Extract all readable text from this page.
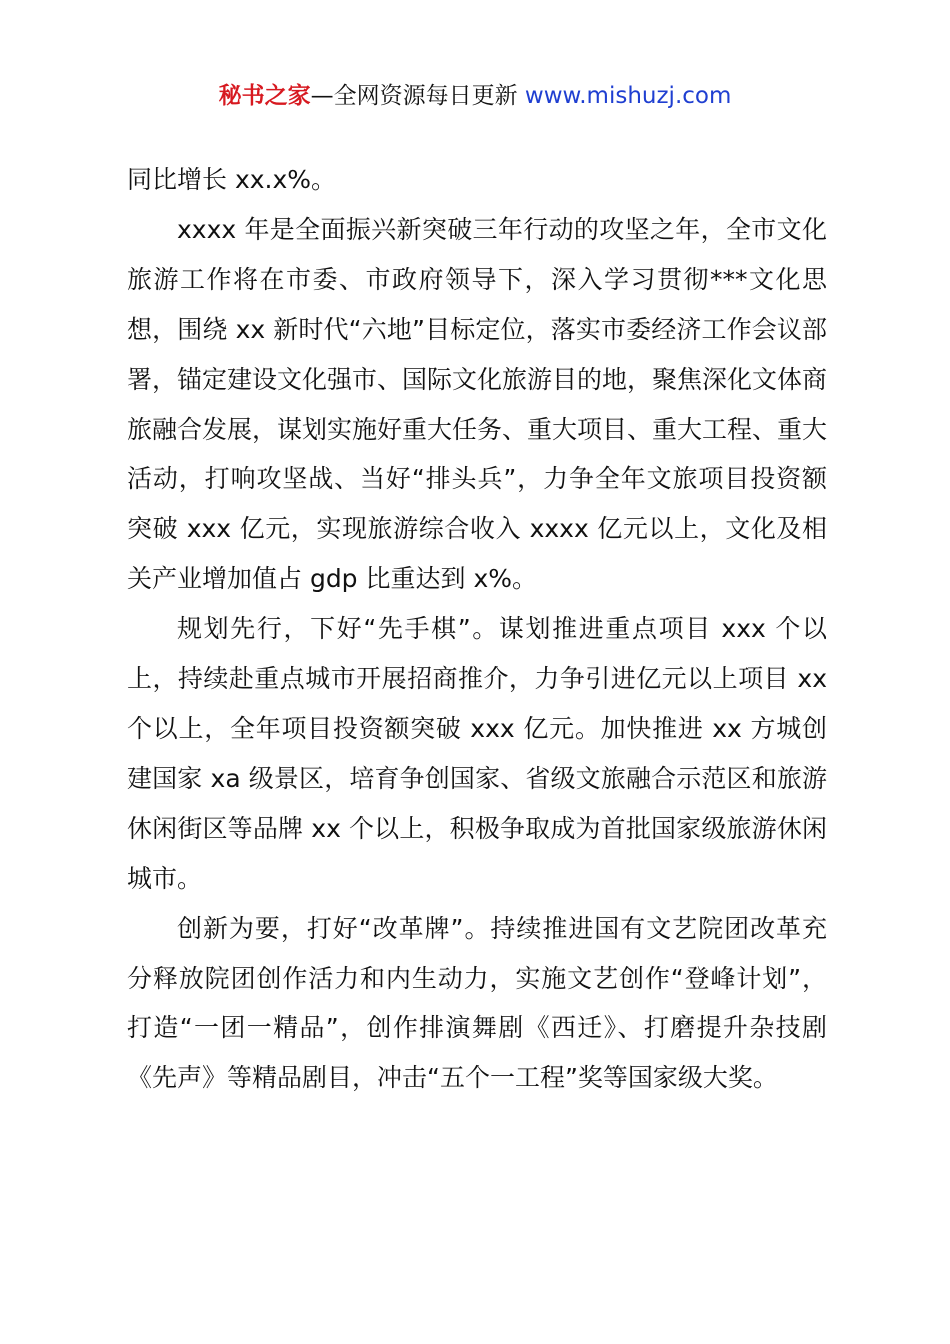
秘书之家—全网资源每日更新 www.mishuzj.com

同比增长 xx.x%。

xxxx 年是全面振兴新突破三年行动的攻坚之年，全市文化旅游工作将在市委、市政府领导下，深入学习贯彻***文化思想，围绕 xx 新时代“六地”目标定位，落实市委经济工作会议部署，锚定建设文化强市、国际文化旅游目的地，聚焦深化文体商旅融合发展，谋划实施好重大任务、重大项目、重大工程、重大活动，打响攻坚战、当好“排头兵”，力争全年文旅项目投资额突破 xxx 亿元，实现旅游综合收入 xxxx 亿元以上，文化及相关产业增加值占 gdp 比重达到 x%。

规划先行，下好“先手棋”。谋划推进重点项目 xxx 个以上，持续赴重点城市开展招商推介，力争引进亿元以上项目 xx 个以上，全年项目投资额突破 xxx 亿元。加快推进 xx 方城创建国家 xa 级景区，培育争创国家、省级文旅融合示范区和旅游休闲街区等品牌 xx 个以上，积极争取成为首批国家级旅游休闲城市。

创新为要，打好“改革牌”。持续推进国有文艺院团改革充分释放院团创作活力和内生动力，实施文艺创作“登峰计划”，打造“一团一精品”，创作排演舞剧《西迁》、打磨提升杂技剧《先声》等精品剧目，冲击“五个一工程”奖等国家级大奖。
